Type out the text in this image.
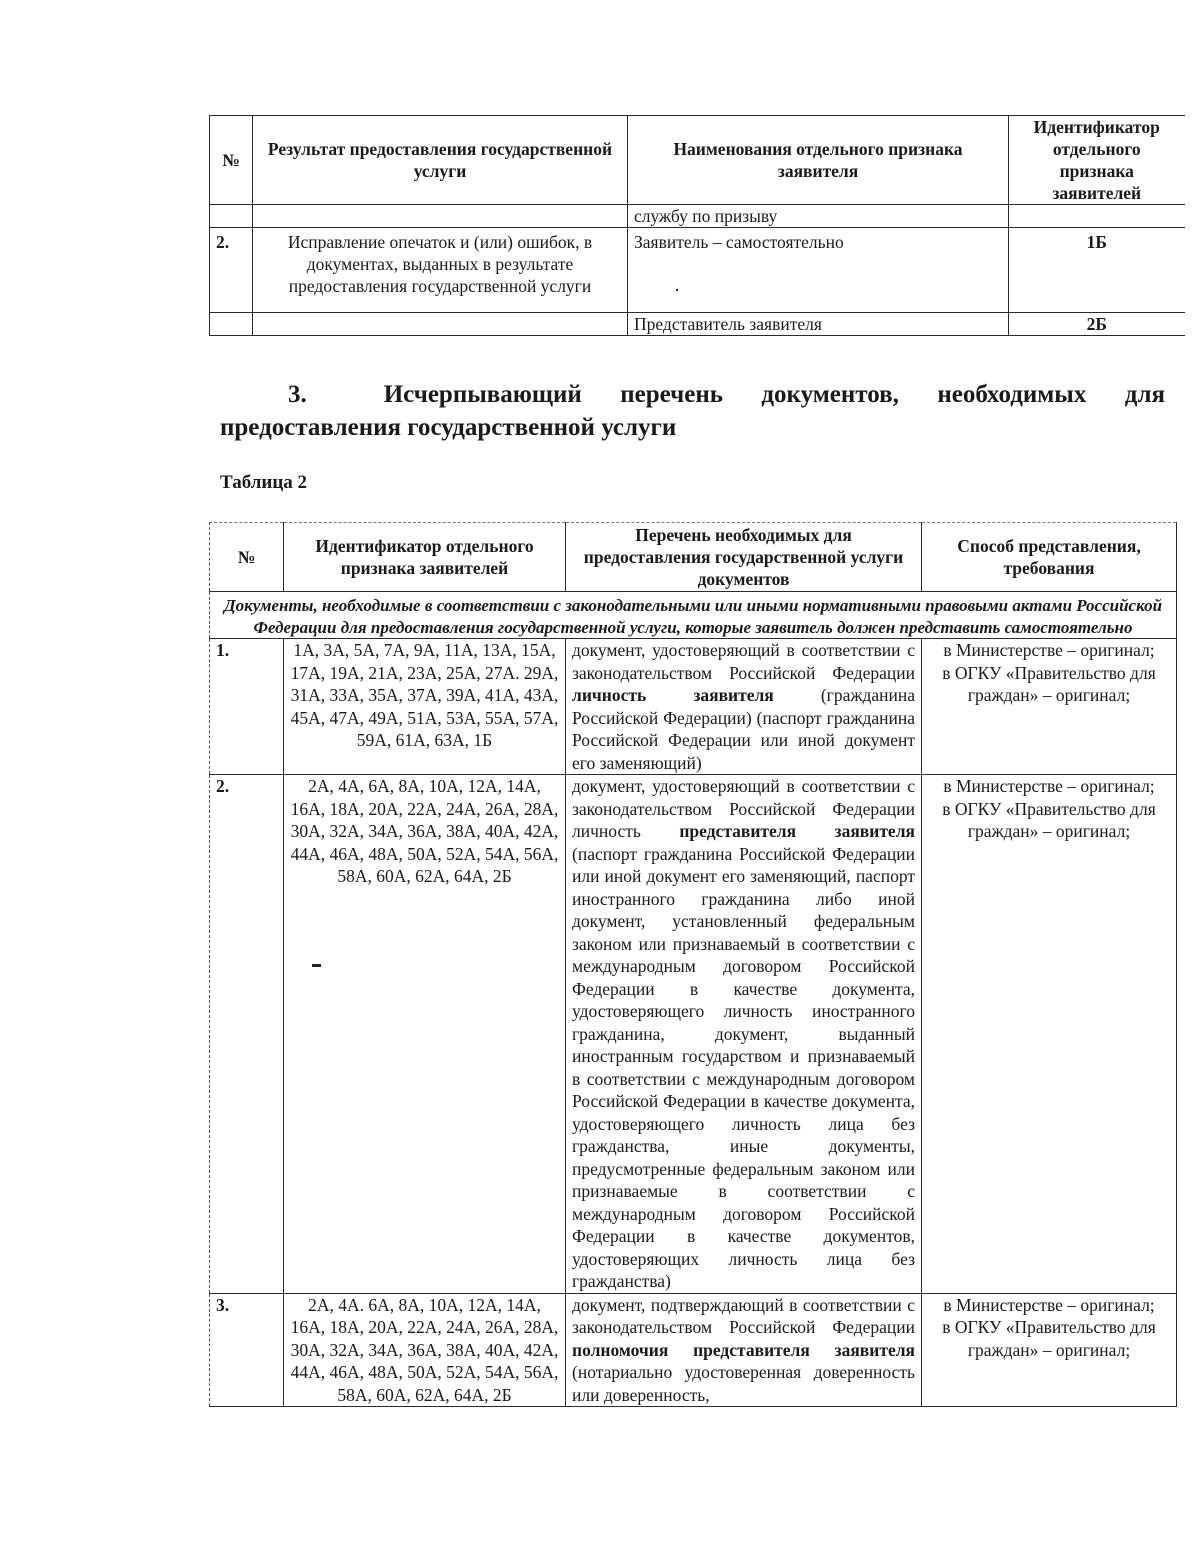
№	Результат предоставления государственной услуги	Наименования отдельного признака заявителя	Идентификатор отдельного признака заявителей
		службу по призыву	
2.	Исправление опечаток и (или) ошибок, в документах, выданных в результате предоставления государственной услуги	Заявитель – самостоятельно	1Б
		Представитель заявителя	2Б
3.	Исчерпывающий перечень документов, необходимых для
предоставления государственной услуги
Таблица 2
№	Идентификатор отдельного признака заявителей	Перечень необходимых для предоставления государственной услуги документов	Способ представления, требования
Документы, необходимые в соответствии с законодательными или иными нормативными правовыми актами Российской Федерации для предоставления государственной услуги, которые заявитель должен представить самостоятельно			
1.	1А, 3А, 5А, 7А, 9А, 11А, 13А, 15А, 17А, 19А, 21А, 23А, 25А, 27А. 29А, 31А, 33А, 35А, 37А, 39А, 41А, 43А, 45А, 47А, 49А, 51А, 53А, 55А, 57А, 59А, 61А, 63А, 1Б	документ, удостоверяющий в соответствии с законодательством Российской Федерации личность заявителя (гражданина Российской Федерации) (паспорт гражданина Российской Федерации или иной документ его заменяющий)	в Министерстве – оригинал;
в ОГКУ «Правительство для граждан» – оригинал;

2.	2А, 4А, 6А, 8А, 10А, 12А, 14А, 16А, 18А, 20А, 22А, 24А, 26А, 28А, 30А, 32А, 34А, 36А, 38А, 40А, 42А, 44А, 46А, 48А, 50А, 52А, 54А, 56А, 58А, 60А, 62А, 64А, 2Б	документ, удостоверяющий в соответствии с законодательством Российской Федерации личность представителя заявителя (паспорт гражданина Российской Федерации или иной документ его заменяющий, паспорт иностранного гражданина либо иной документ, установленный федеральным законом или признаваемый в соответствии с международным договором Российской Федерации в качестве документа, удостоверяющего личность иностранного гражданина, документ, выданный иностранным государством и признаваемый в соответствии с международным договором Российской Федерации в качестве документа, удостоверяющего личность лица без гражданства, иные документы, предусмотренные федеральным законом или признаваемые в соответствии с международным договором Российской Федерации в качестве документов, удостоверяющих личность лица без гражданства)	в Министерстве – оригинал;
в ОГКУ «Правительство для граждан» – оригинал;

3.	2А, 4А. 6А, 8А, 10А, 12А, 14А, 16А, 18А, 20А, 22А, 24А, 26А, 28А, 30А, 32А, 34А, 36А, 38А, 40А, 42А, 44А, 46А, 48А, 50А, 52А, 54А, 56А, 58А, 60А, 62А, 64А, 2Б	документ, подтверждающий в соответствии с законодательством Российской Федерации полномочия представителя заявителя (нотариально удостоверенная доверенность или доверенность,	в Министерстве – оригинал;
в ОГКУ «Правительство для граждан» – оригинал;
